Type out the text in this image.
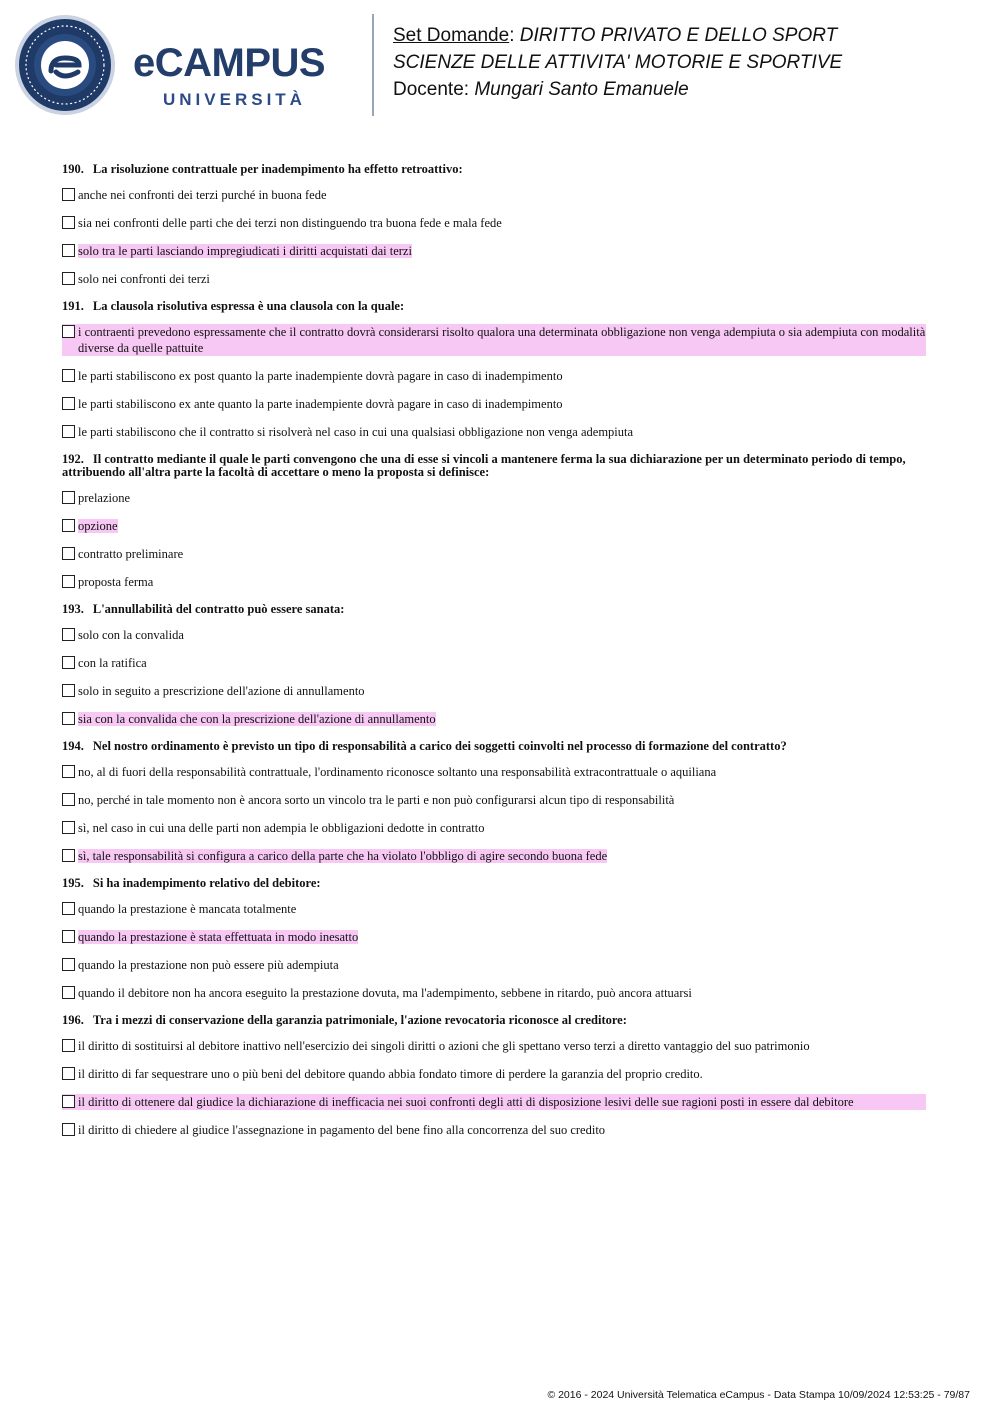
eCAMPUS
UNIVERSITÀ
Set Domande: DIRITTO PRIVATO E DELLO SPORT
SCIENZE DELLE ATTIVITA' MOTORIE E SPORTIVE
Docente: Mungari Santo Emanuele
190. La risoluzione contrattuale per inadempimento ha effetto retroattivo:
anche nei confronti dei terzi purché in buona fede
sia nei confronti delle parti che dei terzi non distinguendo tra buona fede e mala fede
solo tra le parti lasciando impregiudicati i diritti acquistati dai terzi
solo nei confronti dei terzi
191. La clausola risolutiva espressa è una clausola con la quale:
i contraenti prevedono espressamente che il contratto dovrà considerarsi risolto qualora una determinata obbligazione non venga adempiuta o sia adempiuta con modalità diverse da quelle pattuite
le parti stabiliscono ex post quanto la parte inadempiente dovrà pagare in caso di inadempimento
le parti stabiliscono ex ante quanto la parte inadempiente dovrà pagare in caso di inadempimento
le parti stabiliscono che il contratto si risolverà nel caso in cui una qualsiasi obbligazione non venga adempiuta
192. Il contratto mediante il quale le parti convengono che una di esse si vincoli a mantenere ferma la sua dichiarazione per un determinato periodo di tempo, attribuendo all'altra parte la facoltà di accettare o meno la proposta si definisce:
prelazione
opzione
contratto preliminare
proposta ferma
193. L'annullabilità del contratto può essere sanata:
solo con la convalida
con la ratifica
solo in seguito a prescrizione dell'azione di annullamento
sia con la convalida che con la prescrizione dell'azione di annullamento
194. Nel nostro ordinamento è previsto un tipo di responsabilità a carico dei soggetti coinvolti nel processo di formazione del contratto?
no, al di fuori della responsabilità contrattuale, l'ordinamento riconosce soltanto una responsabilità extracontrattuale o aquiliana
no, perché in tale momento non è ancora sorto un vincolo tra le parti e non può configurarsi alcun tipo di responsabilità
sì, nel caso in cui una delle parti non adempia le obbligazioni dedotte in contratto
sì, tale responsabilità si configura a carico della parte che ha violato l'obbligo di agire secondo buona fede
195. Si ha inadempimento relativo del debitore:
quando la prestazione è mancata totalmente
quando la prestazione è stata effettuata in modo inesatto
quando la prestazione non può essere più adempiuta
quando il debitore non ha ancora eseguito la prestazione dovuta, ma l'adempimento, sebbene in ritardo, può ancora attuarsi
196. Tra i mezzi di conservazione della garanzia patrimoniale, l'azione revocatoria riconosce al creditore:
il diritto di sostituirsi al debitore inattivo nell'esercizio dei singoli diritti o azioni che gli spettano verso terzi a diretto vantaggio del suo patrimonio
il diritto di far sequestrare uno o più beni del debitore quando abbia fondato timore di perdere la garanzia del proprio credito.
il diritto di ottenere dal giudice la dichiarazione di inefficacia nei suoi confronti degli atti di disposizione lesivi delle sue ragioni posti in essere dal debitore
il diritto di chiedere al giudice l'assegnazione in pagamento del bene fino alla concorrenza del suo credito
© 2016 - 2024 Università Telematica eCampus - Data Stampa 10/09/2024 12:53:25 - 79/87
